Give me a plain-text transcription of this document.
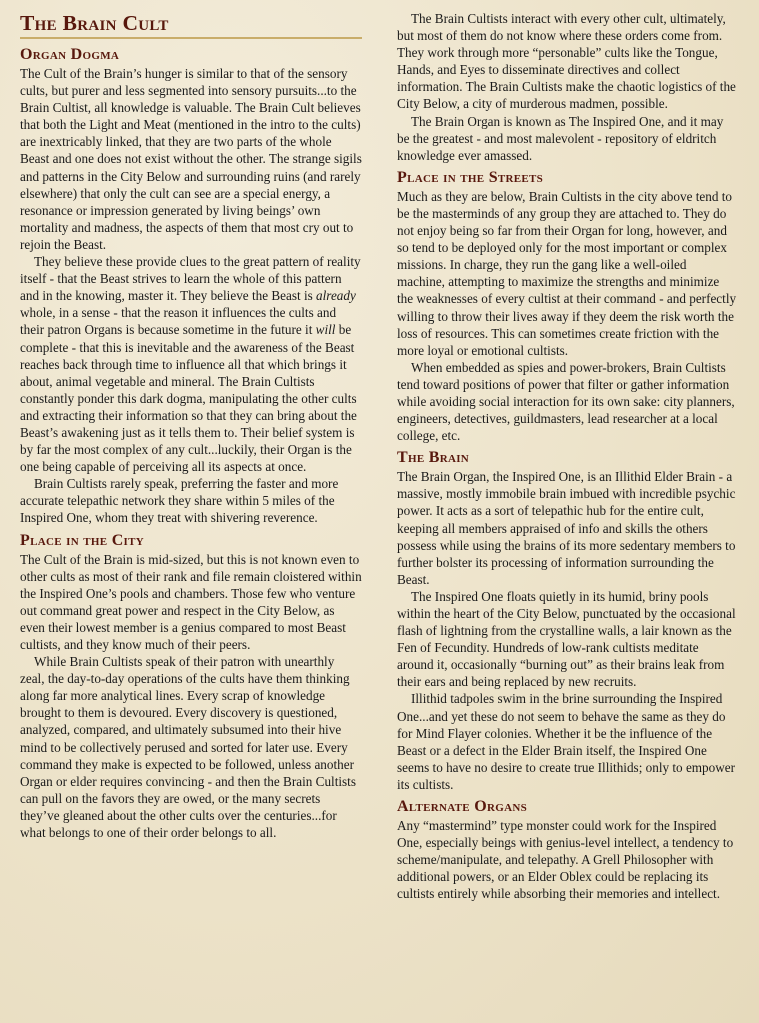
The Brain Cult
Organ Dogma

The Cult of the Brain’s hunger is similar to that of the sensory cults, but purer and less segmented into sensory pursuits...to the Brain Cultist, all knowledge is valuable. The Brain Cult believes that both the Light and Meat (mentioned in the intro to the cults) are inextricably linked, that they are two parts of the whole Beast and one does not exist without the other. The strange sigils and patterns in the City Below and surrounding ruins (and rarely elsewhere) that only the cult can see are a special energy, a resonance or impression generated by living beings’ own mortality and madness, the aspects of them that most cry out to rejoin the Beast.

They believe these provide clues to the great pattern of reality itself - that the Beast strives to learn the whole of this pattern and in the knowing, master it. They believe the Beast is already whole, in a sense - that the reason it influences the cults and their patron Organs is because sometime in the future it will be complete - that this is inevitable and the awareness of the Beast reaches back through time to influence all that which brings it about, animal vegetable and mineral. The Brain Cultists constantly ponder this dark dogma, manipulating the other cults and extracting their information so that they can bring about the Beast’s awakening just as it tells them to. Their belief system is by far the most complex of any cult...luckily, their Organ is the one being capable of perceiving all its aspects at once.

Brain Cultists rarely speak, preferring the faster and more accurate telepathic network they share within 5 miles of the Inspired One, whom they treat with shivering reverence.

Place in the City

The Cult of the Brain is mid-sized, but this is not known even to other cults as most of their rank and file remain cloistered within the Inspired One’s pools and chambers. Those few who venture out command great power and respect in the City Below, as even their lowest member is a genius compared to most Beast cultists, and they know much of their peers.

While Brain Cultists speak of their patron with unearthly zeal, the day-to-day operations of the cults have them thinking along far more analytical lines. Every scrap of knowledge brought to them is devoured. Every discovery is questioned, analyzed, compared, and ultimately subsumed into their hive mind to be collectively perused and sorted for later use. Every command they make is expected to be followed, unless another Organ or elder requires convincing - and then the Brain Cultists can pull on the favors they are owed, or the many secrets they’ve gleaned about the other cults over the centuries...for what belongs to one of their order belongs to all.

The Brain Cultists interact with every other cult, ultimately, but most of them do not know where these orders come from. They work through more “personable” cults like the Tongue, Hands, and Eyes to disseminate directives and collect information. The Brain Cultists make the chaotic logistics of the City Below, a city of murderous madmen, possible.

The Brain Organ is known as The Inspired One, and it may be the greatest - and most malevolent - repository of eldritch knowledge ever amassed.

Place in the Streets

Much as they are below, Brain Cultists in the city above tend to be the masterminds of any group they are attached to. They do not enjoy being so far from their Organ for long, however, and so tend to be deployed only for the most important or complex missions. In charge, they run the gang like a well-oiled machine, attempting to maximize the strengths and minimize the weaknesses of every cultist at their command - and perfectly willing to throw their lives away if they deem the risk worth the loss of resources. This can sometimes create friction with the more loyal or emotional cultists.

When embedded as spies and power-brokers, Brain Cultists tend toward positions of power that filter or gather information while avoiding social interaction for its own sake: city planners, engineers, detectives, guildmasters, lead researcher at a local college, etc.

The Brain

The Brain Organ, the Inspired One, is an Illithid Elder Brain - a massive, mostly immobile brain imbued with incredible psychic power. It acts as a sort of telepathic hub for the entire cult, keeping all members appraised of info and skills the others possess while using the brains of its more sedentary members to further bolster its processing of information surrounding the Beast.

The Inspired One floats quietly in its humid, briny pools within the heart of the City Below, punctuated by the occasional flash of lightning from the crystalline walls, a lair known as the Fen of Fecundity. Hundreds of low-rank cultists meditate around it, occasionally “burning out” as their brains leak from their ears and being replaced by new recruits.

Illithid tadpoles swim in the brine surrounding the Inspired One...and yet these do not seem to behave the same as they do for Mind Flayer colonies. Whether it be the influence of the Beast or a defect in the Elder Brain itself, the Inspired One seems to have no desire to create true Illithids; only to empower its cultists.

Alternate Organs

Any “mastermind” type monster could work for the Inspired One, especially beings with genius-level intellect, a tendency to scheme/manipulate, and telepathy. A Grell Philosopher with additional powers, or an Elder Oblex could be replacing its cultists entirely while absorbing their memories and intellect.
